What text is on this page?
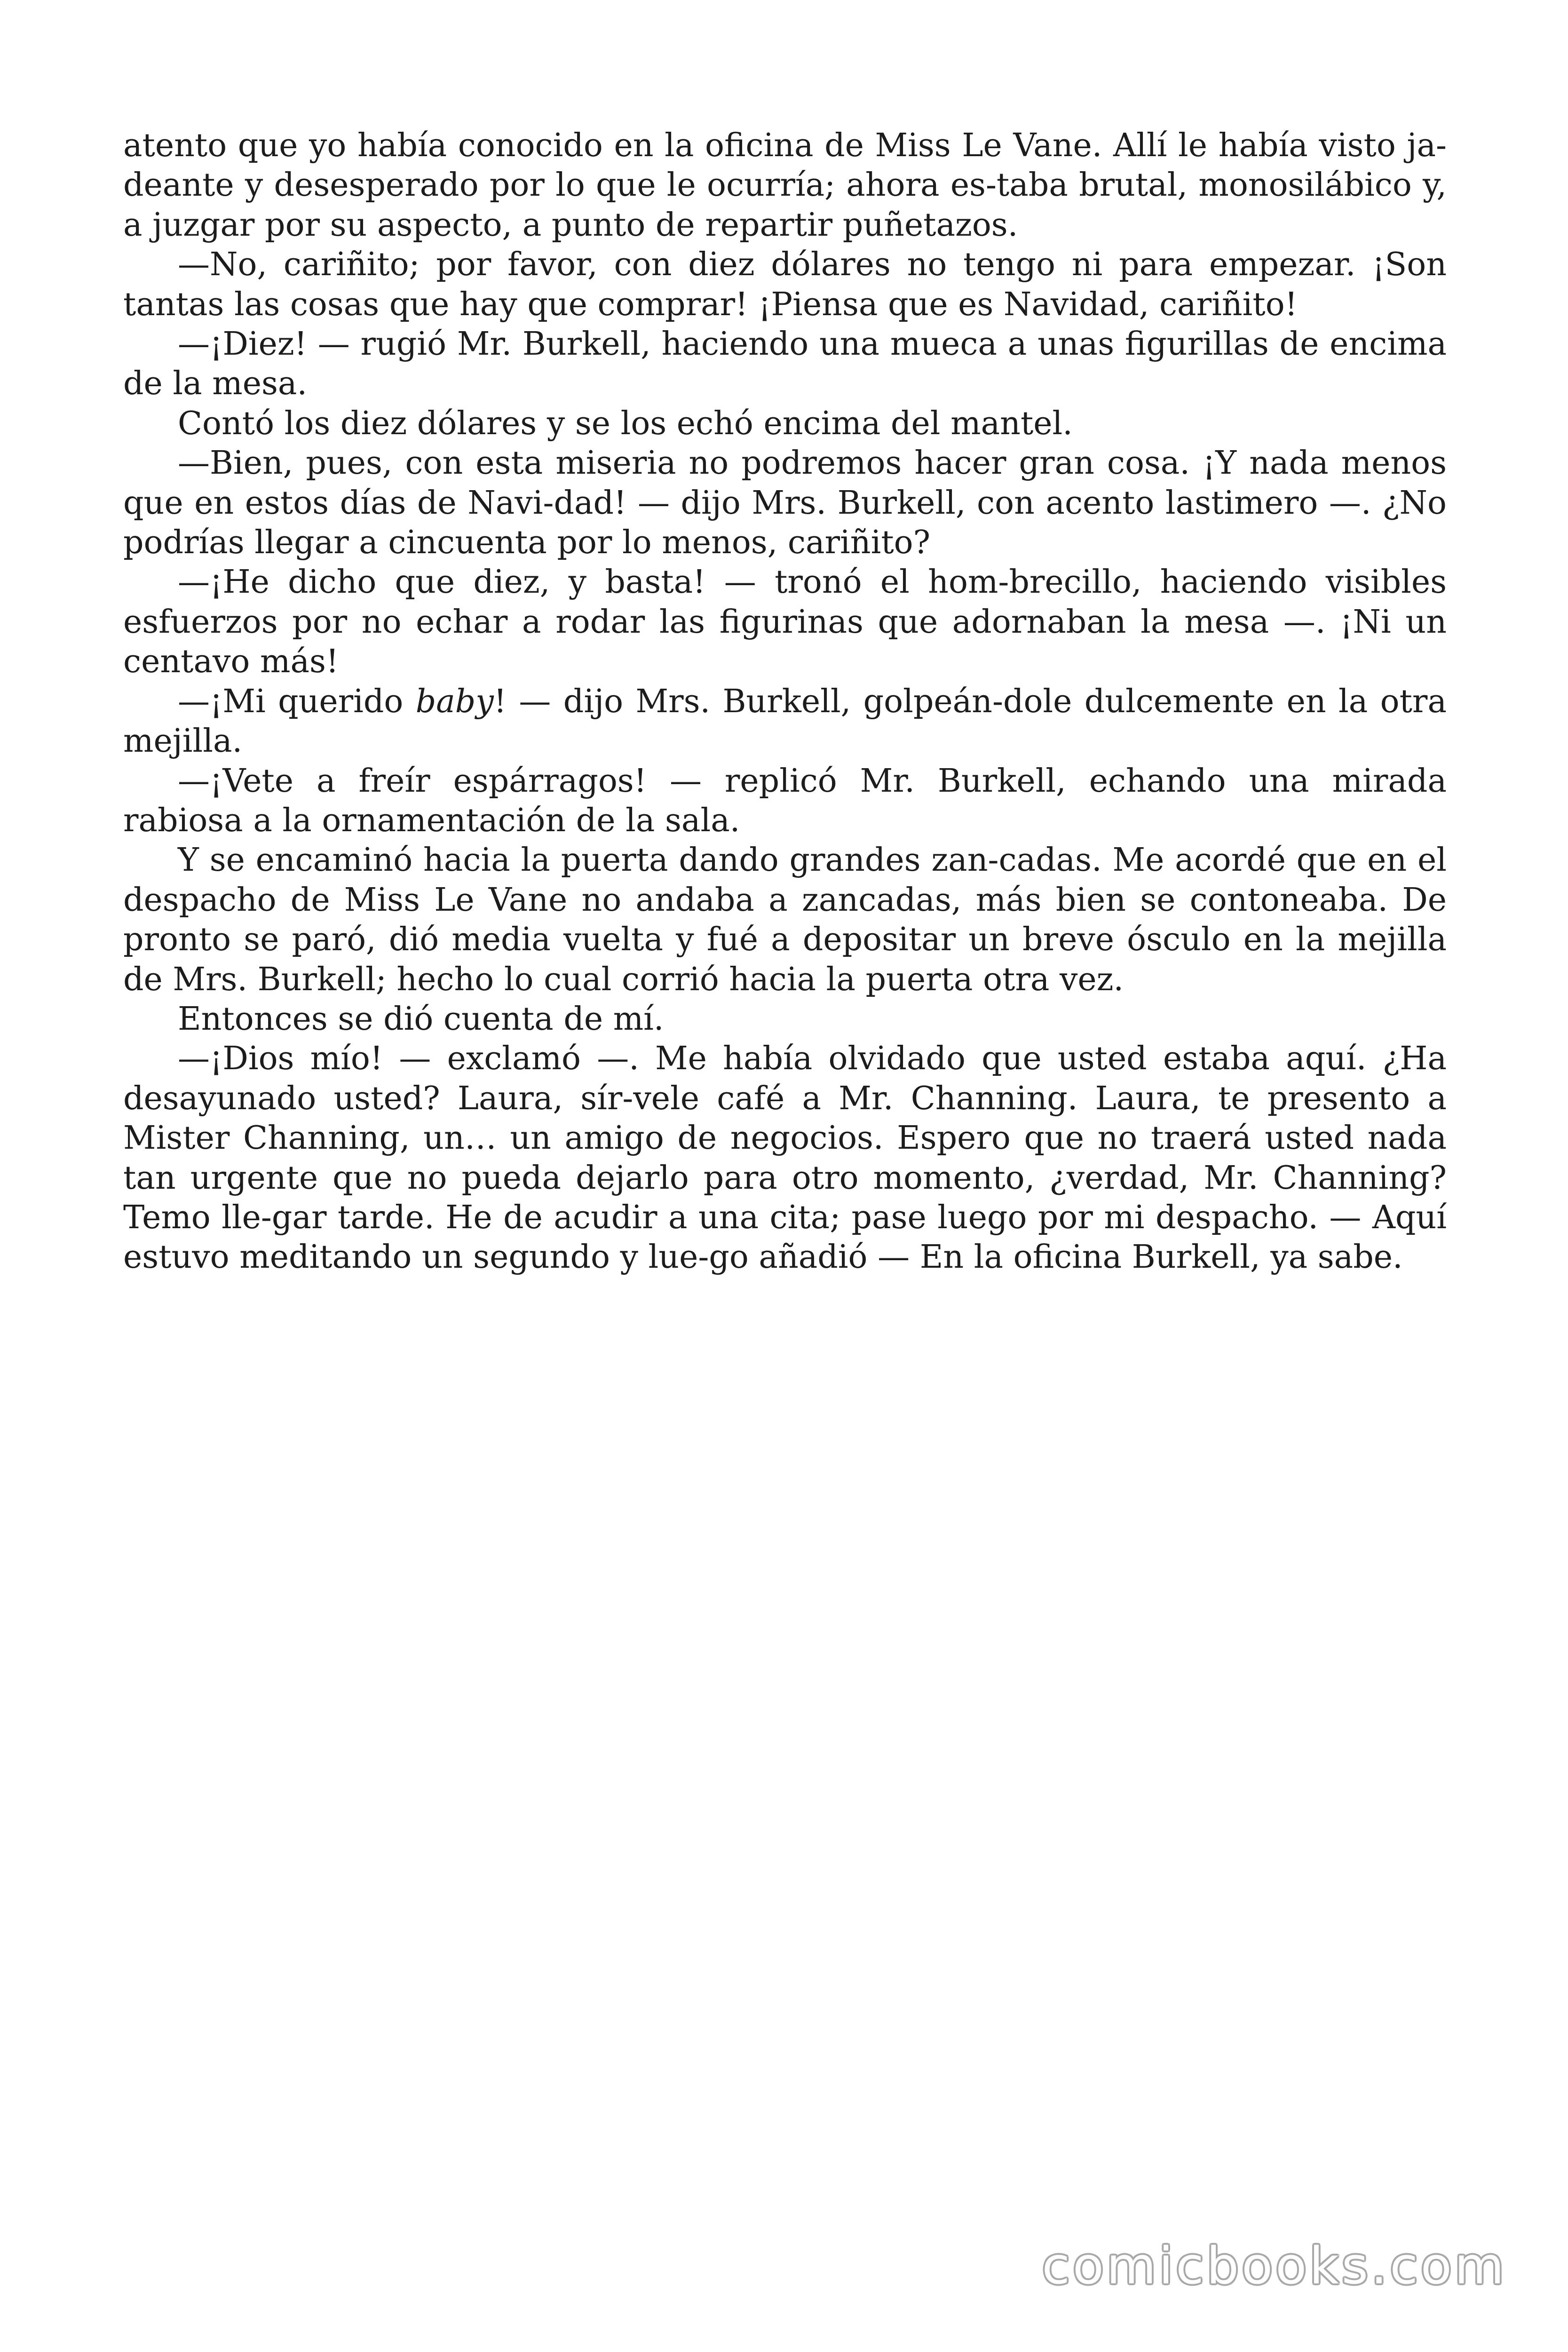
atento que yo había conocido en la oficina de Miss Le Vane. Allí le había visto ja-deante y desesperado por lo que le ocurría; ahora es-taba brutal, monosilábico y, a juzgar por su aspecto, a punto de repartir puñetazos.

—No, cariñito; por favor, con diez dólares no tengo ni para empezar. ¡Son tantas las cosas que hay que comprar! ¡Piensa que es Navidad, cariñito!

—¡Diez! — rugió Mr. Burkell, haciendo una mueca a unas figurillas de encima de la mesa.

Contó los diez dólares y se los echó encima del mantel.

—Bien, pues, con esta miseria no podremos hacer gran cosa. ¡Y nada menos que en estos días de Navi-dad! — dijo Mrs. Burkell, con acento lastimero —. ¿No podrías llegar a cincuenta por lo menos, cariñito?

—¡He dicho que diez, y basta! — tronó el hom-brecillo, haciendo visibles esfuerzos por no echar a rodar las figurinas que adornaban la mesa —. ¡Ni un centavo más!

—¡Mi querido baby! — dijo Mrs. Burkell, golpeán-dole dulcemente en la otra mejilla.

—¡Vete a freír espárragos! — replicó Mr. Burkell, echando una mirada rabiosa a la ornamentación de la sala.

Y se encaminó hacia la puerta dando grandes zan-cadas. Me acordé que en el despacho de Miss Le Vane no andaba a zancadas, más bien se contoneaba. De pronto se paró, dió media vuelta y fué a depositar un breve ósculo en la mejilla de Mrs. Burkell; hecho lo cual corrió hacia la puerta otra vez.

Entonces se dió cuenta de mí.

—¡Dios mío! — exclamó —. Me había olvidado que usted estaba aquí. ¿Ha desayunado usted? Laura, sír-vele café a Mr. Channing. Laura, te presento a Mister Channing, un… un amigo de negocios. Espero que no traerá usted nada tan urgente que no pueda dejarlo para otro momento, ¿verdad, Mr. Channing? Temo lle-gar tarde. He de acudir a una cita; pase luego por mi despacho. — Aquí estuvo meditando un segundo y lue-go añadió — En la oficina Burkell, ya sabe.

comicbooks.com
